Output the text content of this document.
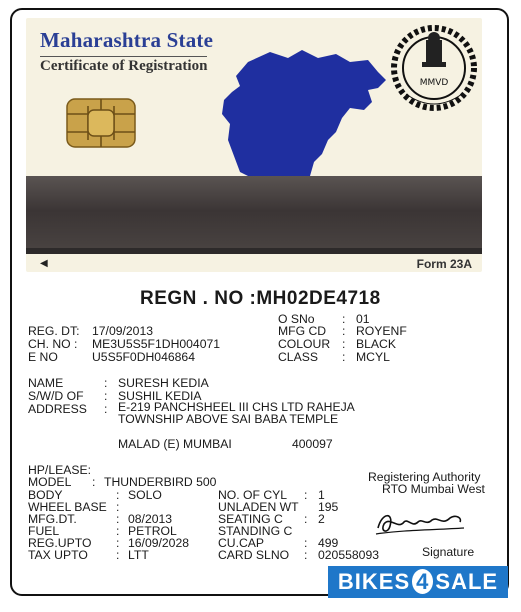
Maharashtra State
Certificate of Registration
MMVD
◀	Form 23A
REGN . NO :MH02DE4718
O SNo : 01
MFG CD : ROYENF
COLOUR : BLACK
CLASS : MCYL
REG. DT: 17/09/2013
CH. NO : ME3U5S5F1DH004071
E NO	U5S5F0DH046864
NAME	: SURESH KEDIA
S/W/D OF : SUSHIL KEDIA
ADDRESS : E-219 PANCHSHEEL III CHS LTD RAHEJA
TOWNSHIP ABOVE SAI BABA TEMPLE
MALAD (E) MUMBAI	400097
HP/LEASE:
MODEL : THUNDERBIRD 500
BODY	: SOLO
WHEEL BASE :
MFG.DT.	: 08/2013
FUEL	: PETROL
REG.UPTO : 16/09/2028
TAX UPTO : LTT
NO. OF CYL : 1
UNLADEN WT 195
SEATING C : 2
STANDING C
CU.CAP	: 499
CARD SLNO : 020558093
Registering Authority
RTO Mumbai West
Signature
BIKES 4 SALE
